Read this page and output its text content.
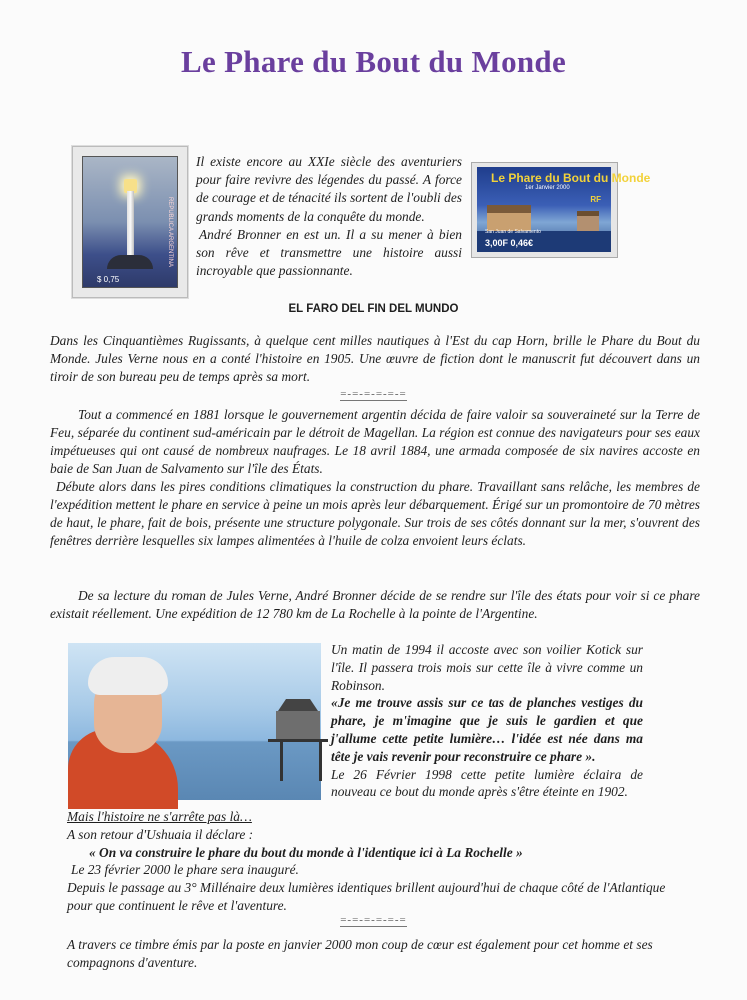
Le Phare du Bout du Monde
REPUBLICA ARGENTINA
$ 0,75

Il existe encore au XXIe siècle des aventuriers pour faire revivre des légendes du passé. A force de courage et de ténacité ils sortent de l'oubli des grands moments de la conquête du monde.

André Bronner en est un. Il a su mener à bien son rêve et transmettre une histoire aussi incroyable que passionnante.

Le Phare du Bout du Monde
1er Janvier 2000
RF
San Juan de Salvamento
3,00F 0,46€
EL FARO DEL FIN DEL MUNDO

Dans les Cinquantièmes Rugissants, à quelque cent milles nautiques à l'Est du cap Horn, brille le Phare du Bout du Monde. Jules Verne nous en a conté l'histoire en 1905. Une œuvre de fiction dont le manuscrit fut découvert dans un tiroir de son bureau peu de temps après sa mort.

=-=-=-=-=-=

Tout a commencé en 1881 lorsque le gouvernement argentin décida de faire valoir sa souveraineté sur la Terre de Feu, séparée du continent sud-américain par le détroit de Magellan. La région est connue des navigateurs pour ses eaux impétueuses qui ont causé de nombreux naufrages. Le 18 avril 1884, une armada composée de six navires accoste en baie de San Juan de Salvamento sur l'île des États.

Débute alors dans les pires conditions climatiques la construction du phare. Travaillant sans relâche, les membres de l'expédition mettent le phare en service à peine un mois après leur débarquement. Érigé sur un promontoire de 70 mètres de haut, le phare, fait de bois, présente une structure polygonale. Sur trois de ses côtés donnant sur la mer, s'ouvrent des fenêtres derrière lesquelles six lampes alimentées à l'huile de colza envoient leurs éclats.

De sa lecture du roman de Jules Verne, André Bronner décide de se rendre sur l'île des états pour voir si ce phare existait réellement. Une expédition de 12 780 km de La Rochelle à la pointe de l'Argentine.

Un matin de 1994 il accoste avec son voilier Kotick sur l'île. Il passera trois mois sur cette île à vivre comme un Robinson.

«Je me trouve assis sur ce tas de planches vestiges du phare, je m'imagine que je suis le gardien et que j'allume cette petite lumière… l'idée est née dans ma tête je vais revenir pour reconstruire ce phare ».

Le 26 Février 1998 cette petite lumière éclaira de nouveau ce bout du monde après s'être éteinte en 1902.

Mais l'histoire ne s'arrête pas là…

A son retour d'Ushuaia il déclare :

« On va construire le phare du bout du monde à l'identique ici à La Rochelle »

Le 23 février 2000 le phare sera inauguré.

Depuis le passage au 3° Millénaire deux lumières identiques brillent aujourd'hui de chaque côté de l'Atlantique pour que continuent le rêve et l'aventure.

=-=-=-=-=-=

A travers ce timbre émis par la poste en janvier 2000 mon coup de cœur est également pour cet homme et ses compagnons d'aventure.
